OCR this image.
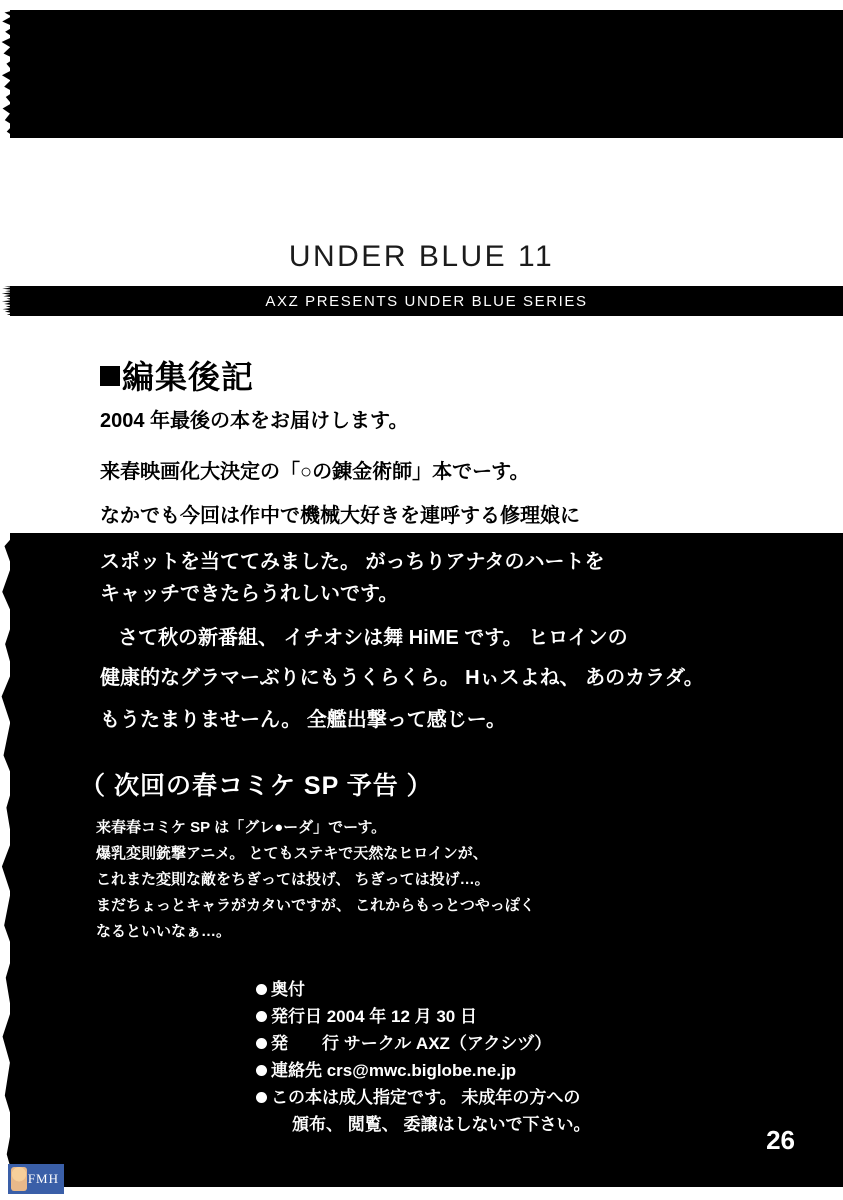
UNDER BLUE 11
AXZ PRESENTS UNDER BLUE SERIES
編集後記
2004 年最後の本をお届けします。
来春映画化大決定の「○の錬金術師」本でーす。
なかでも今回は作中で機械大好きを連呼する修理娘に
スポットを当ててみました。 がっちりアナタのハートを
キャッチできたらうれしいです。
さて秋の新番組、 イチオシは舞 HiME です。 ヒロインの
健康的なグラマーぶりにもうくらくら。 Hぃスよね、 あのカラダ。
もうたまりませーん。 全艦出撃って感じー。
（ 次回の春コミケ SP 予告 ）
来春春コミケ SP は「グレ●ーダ」でーす。
爆乳変則銃撃アニメ。 とてもステキで天然なヒロインが、
これまた変則な敵をちぎっては投げ、 ちぎっては投げ…。
まだちょっとキャラがカタいですが、 これからもっとつやっぽく
なるといいなぁ…。
奥付
発行日 2004 年 12 月 30 日
発　　行 サークル AXZ（アクシヅ）
連絡先 crs@mwc.biglobe.ne.jp
この本は成人指定です。 未成年の方への
頒布、 閲覧、 委譲はしないで下さい。
26
FMH
